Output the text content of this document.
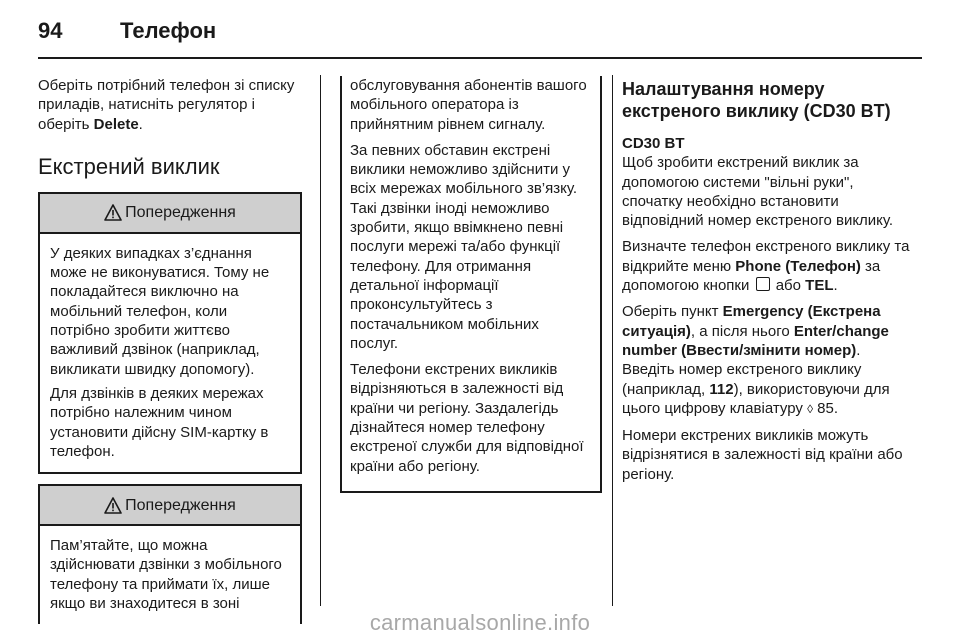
94	Телефон

Оберіть потрібний телефон зі списку приладів, натисніть регулятор і оберіть Delete.

Екстрений виклик
Попередження

У деяких випадках з’єднання може не виконуватися. Тому не покладайтеся виключно на мобільний телефон, коли потрібно зробити життєво важливий дзвінок (наприклад, викликати швидку допомогу).

Для дзвінків в деяких мережах потрібно належним чином установити дійсну SIM-картку в телефон.

Попередження

Пам’ятайте, що можна здійснювати дзвінки з мобільного телефону та приймати їх, лише якщо ви знаходитеся в зоні

обслуговування абонентів вашого мобільного оператора із прийнятним рівнем сигналу.

За певних обставин екстрені виклики неможливо здійснити у всіх мережах мобільного зв’язку. Такі дзвінки іноді неможливо зробити, якщо ввімкнено певні послуги мережі та/або функції телефону. Для отримання детальної інформації проконсультуйтесь з постачальником мобільних послуг.

Телефони екстрених викликів відрізняються в залежності від країни чи регіону. Заздалегідь дізнайтеся номер телефону екстреної служби для відповідної країни або регіону.

Налаштування номеру екстреного виклику (CD30 BT)
CD30 BT

Щоб зробити екстрений виклик за допомогою системи "вільні руки", спочатку необхідно встановити відповідний номер екстреного виклику.

Визначте телефон екстреного виклику та відкрийте меню Phone (Телефон) за допомогою кнопки  або TEL.

Оберіть пункт Emergency (Екстрена ситуація), а після нього Enter/change number (Ввести/змінити номер). Введіть номер екстреного виклику (наприклад, 112), використовуючи для цього цифрову клавіатуру ◊ 85.

Номери екстрених викликів можуть відрізнятися в залежності від країни або регіону.

carmanualsonline.info
